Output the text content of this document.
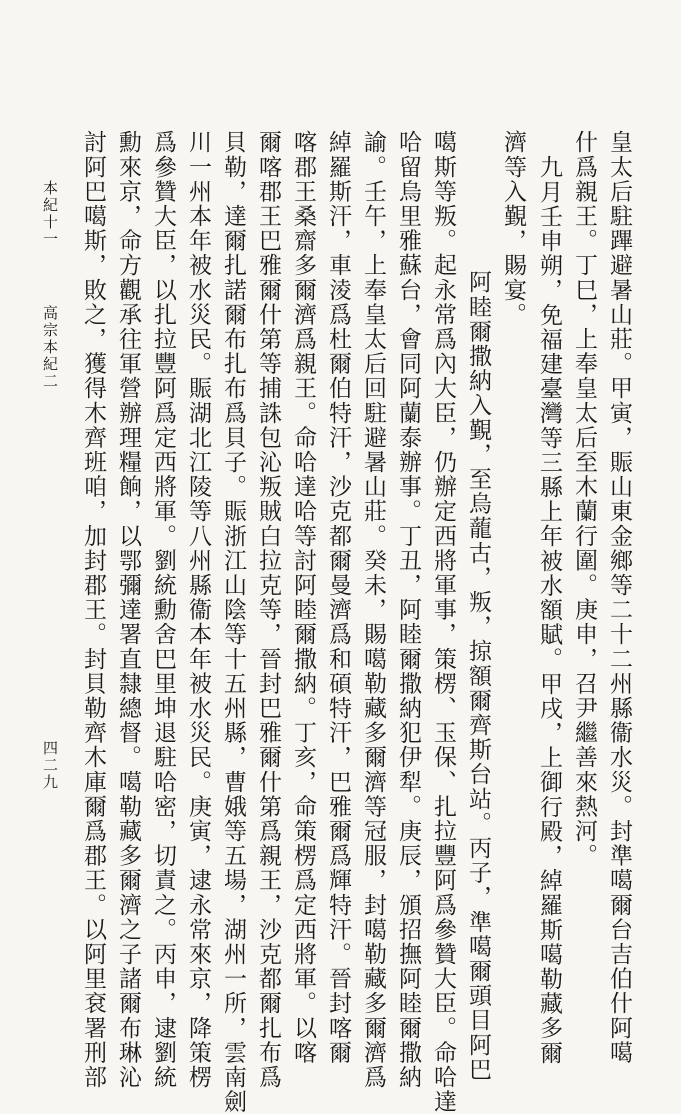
皇太后駐蹕避暑山莊。甲寅，賑山東金鄉等二十二州縣衞水災。封準噶爾台吉伯什阿噶
什爲親王。丁巳，上奉皇太后至木蘭行圍。庚申，召尹繼善來熱河。
九月壬申朔，免福建臺灣等三縣上年被水額賦。甲戌，上御行殿，綽羅斯噶勒藏多爾
濟等入覲，賜宴。
阿睦爾撒納入覲，至烏蘢古，叛，掠額爾齊斯台站。丙子，準噶爾頭目阿巴
噶斯等叛。起永常爲內大臣，仍辦定西將軍事，策楞、玉保、扎拉豐阿爲參贊大臣。命哈達
哈留烏里雅蘇台，會同阿蘭泰辦事。丁丑，阿睦爾撒納犯伊犁。庚辰，頒招撫阿睦爾撒納
諭。壬午，上奉皇太后回駐避暑山莊。癸未，賜噶勒藏多爾濟等冠服，封噶勒藏多爾濟爲
綽羅斯汗，車淩爲杜爾伯特汗，沙克都爾曼濟爲和碩特汗，巴雅爾爲輝特汗。晉封喀爾
喀郡王桑齋多爾濟爲親王。命哈達哈等討阿睦爾撒納。丁亥，命策楞爲定西將軍。以喀
爾喀郡王巴雅爾什第等捕誅包沁叛賊白拉克等，晉封巴雅爾什第爲親王，沙克都爾扎布爲
貝勒，達爾扎諾爾布扎布爲貝子。賑浙江山陰等十五州縣，曹娥等五場，湖州一所，雲南劍
川一州本年被水災民。賑湖北江陵等八州縣衞本年被水災民。庚寅，逮永常來京，降策楞
爲參贊大臣，以扎拉豐阿爲定西將軍。劉統勳舍巴里坤退駐哈密，切責之。丙申，逮劉統
勳來京，命方觀承往軍營辦理糧餉，以鄂彌達署直隸總督。噶勒藏多爾濟之子諸爾布琳沁
討阿巴噶斯，敗之，獲得木齊班咱，加封郡王。封貝勒齊木庫爾爲郡王。以阿里袞署刑部
本紀十一
高宗本紀二
四二九
